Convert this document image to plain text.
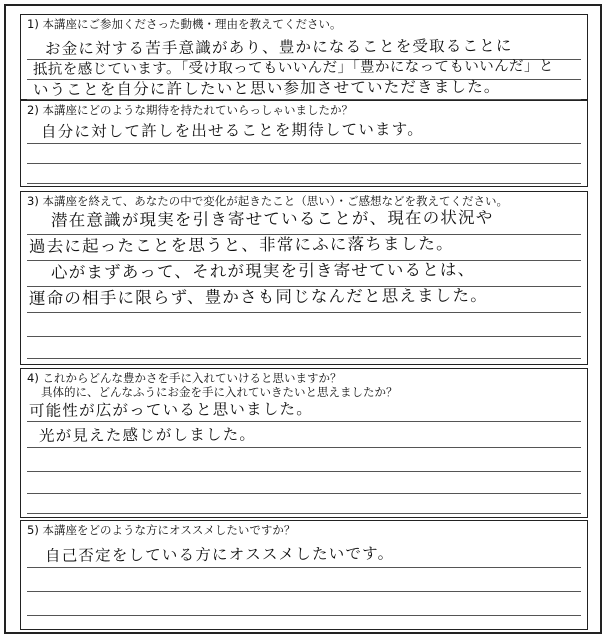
1) 本講座にご参加くださった動機・理由を教えてください。
お金に対する苦手意識があり、豊かになることを受取ることに
抵抗を感じています。「受け取ってもいいんだ」「豊かになってもいいんだ」と
いうことを自分に許したいと思い参加させていただきました。
2) 本講座にどのような期待を持たれていらっしゃいましたか？
自分に対して許しを出せることを期待しています。
3) 本講座を終えて、あなたの中で変化が起きたこと（思い）・ご感想などを教えてください。
潜在意識が現実を引き寄せていることが、現在の状況や
過去に起ったことを思うと、非常にふに落ちました。
心がまずあって、それが現実を引き寄せているとは、
運命の相手に限らず、豊かさも同じなんだと思えました。
4) これからどんな豊かさを手に入れていけると思いますか？
具体的に、どんなふうにお金を手に入れていきたいと思えましたか？
可能性が広がっていると思いました。
光が見えた感じがしました。
5) 本講座をどのような方にオススメしたいですか？
自己否定をしている方にオススメしたいです。
